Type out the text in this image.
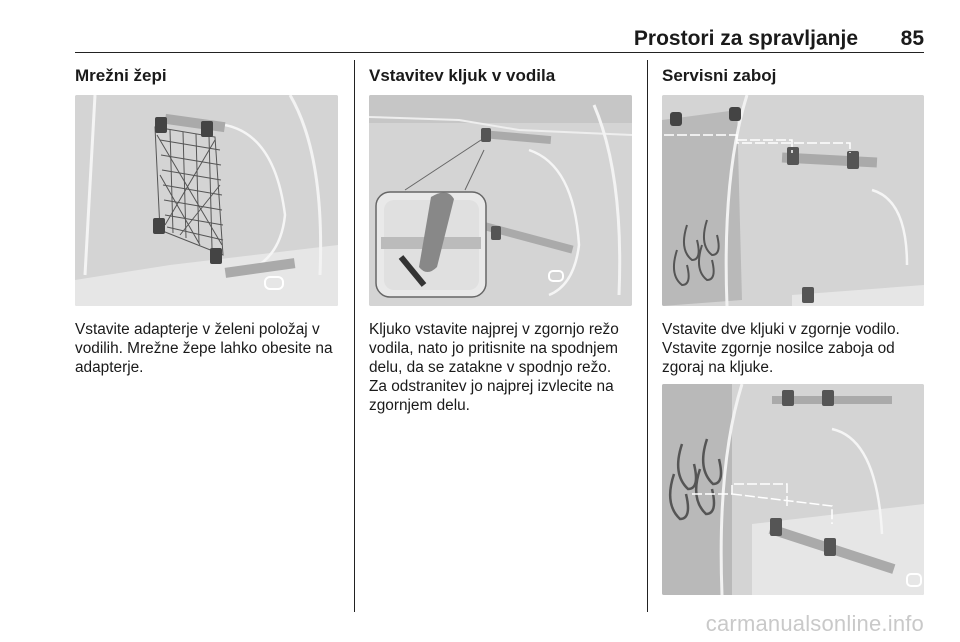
Prostori za spravljanje 85
Mrežni žepi

Vstavite adapterje v želeni položaj v vodilih. Mrežne žepe lahko obesite na adapterje.

Vstavitev kljuk v vodila

Kljuko vstavite najprej v zgornjo režo vodila, nato jo pritisnite na spodnjem delu, da se zatakne v spodnjo režo.

Za odstranitev jo najprej izvlecite na zgornjem delu.

Servisni zaboj

Vstavite dve kljuki v zgornje vodilo.

Vstavite zgornje nosilce zaboja od zgoraj na kljuke.

carmanualsonline.info
